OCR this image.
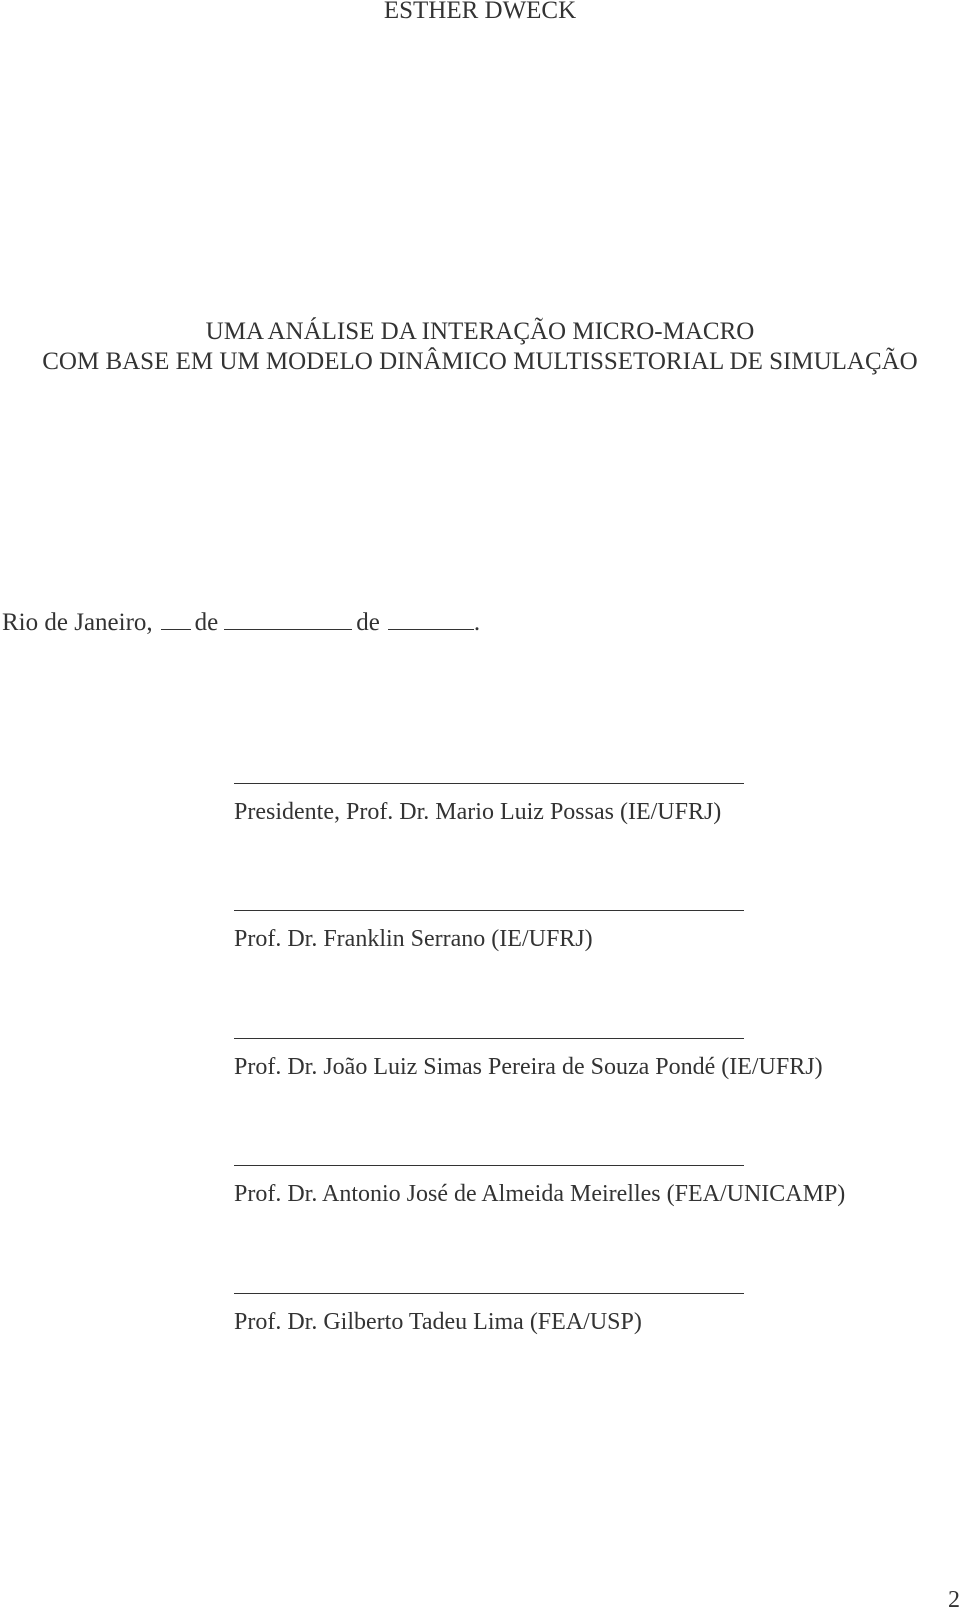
ESTHER DWECK
UMA ANÁLISE DA INTERAÇÃO MICRO-MACRO
COM BASE EM UM MODELO DINÂMICO MULTISSETORIAL DE SIMULAÇÃO
Rio de Janeiro, de	de	.
Presidente, Prof. Dr. Mario Luiz Possas (IE/UFRJ)
Prof. Dr. Franklin Serrano (IE/UFRJ)
Prof. Dr. João Luiz Simas Pereira de Souza Pondé (IE/UFRJ)
Prof. Dr. Antonio José de Almeida Meirelles (FEA/UNICAMP)
Prof. Dr. Gilberto Tadeu Lima (FEA/USP)
2
